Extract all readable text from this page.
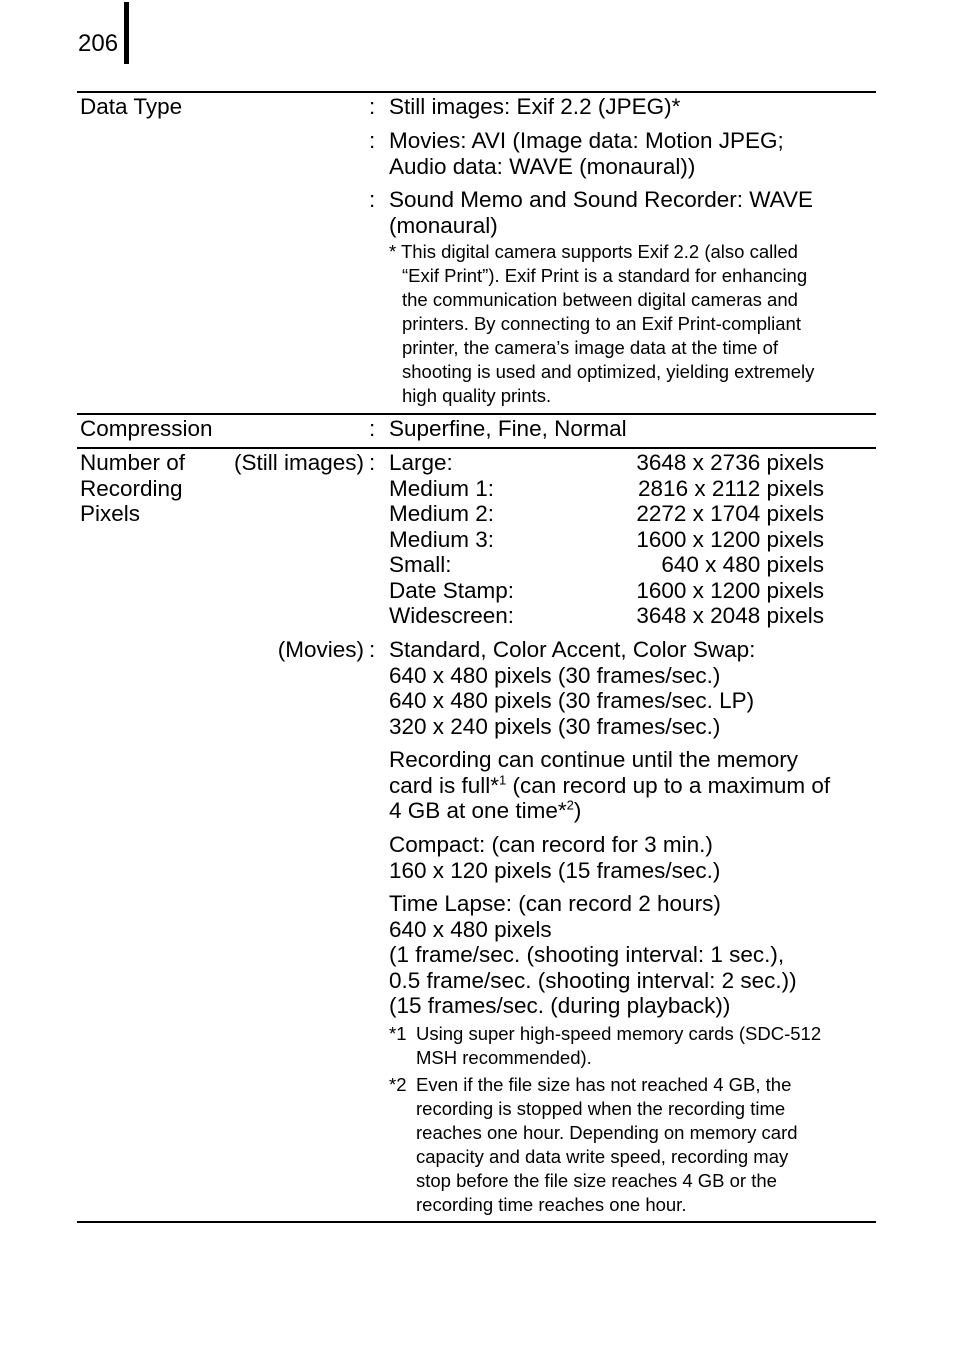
206
Data Type	: Still images: Exif 2.2 (JPEG)*
: Movies: AVI (Image data: Motion JPEG;
Audio data: WAVE (monaural))
: Sound Memo and Sound Recorder: WAVE
(monaural)
* This digital camera supports Exif 2.2 (also called
“Exif Print”). Exif Print is a standard for enhancing
the communication between digital cameras and
printers. By connecting to an Exif Print-compliant
printer, the camera’s image data at the time of
shooting is used and optimized, yielding extremely
high quality prints.
Compression	: Superfine, Fine, Normal
Number of
Recording
Pixels
(Still images) : Large:	3648 x 2736 pixels
Medium 1:	2816 x 2112 pixels
Medium 2:	2272 x 1704 pixels
Medium 3:	1600 x 1200 pixels
Small:	640 x 480 pixels
Date Stamp:	1600 x 1200 pixels
Widescreen:	3648 x 2048 pixels
(Movies) : Standard, Color Accent, Color Swap:
640 x 480 pixels (30 frames/sec.)
640 x 480 pixels (30 frames/sec. LP)
320 x 240 pixels (30 frames/sec.)
Recording can continue until the memory
card is full*$^1$ (can record up to a maximum of
4 GB at one time*$^2$)
Compact: (can record for 3 min.)
160 x 120 pixels (15 frames/sec.)
Time Lapse: (can record 2 hours)
640 x 480 pixels
(1 frame/sec. (shooting interval: 1 sec.),
0.5 frame/sec. (shooting interval: 2 sec.))
(15 frames/sec. (during playback))
*1 Using super high-speed memory cards (SDC-512
MSH recommended).
*2 Even if the file size has not reached 4 GB, the
recording is stopped when the recording time
reaches one hour. Depending on memory card
capacity and data write speed, recording may
stop before the file size reaches 4 GB or the
recording time reaches one hour.
